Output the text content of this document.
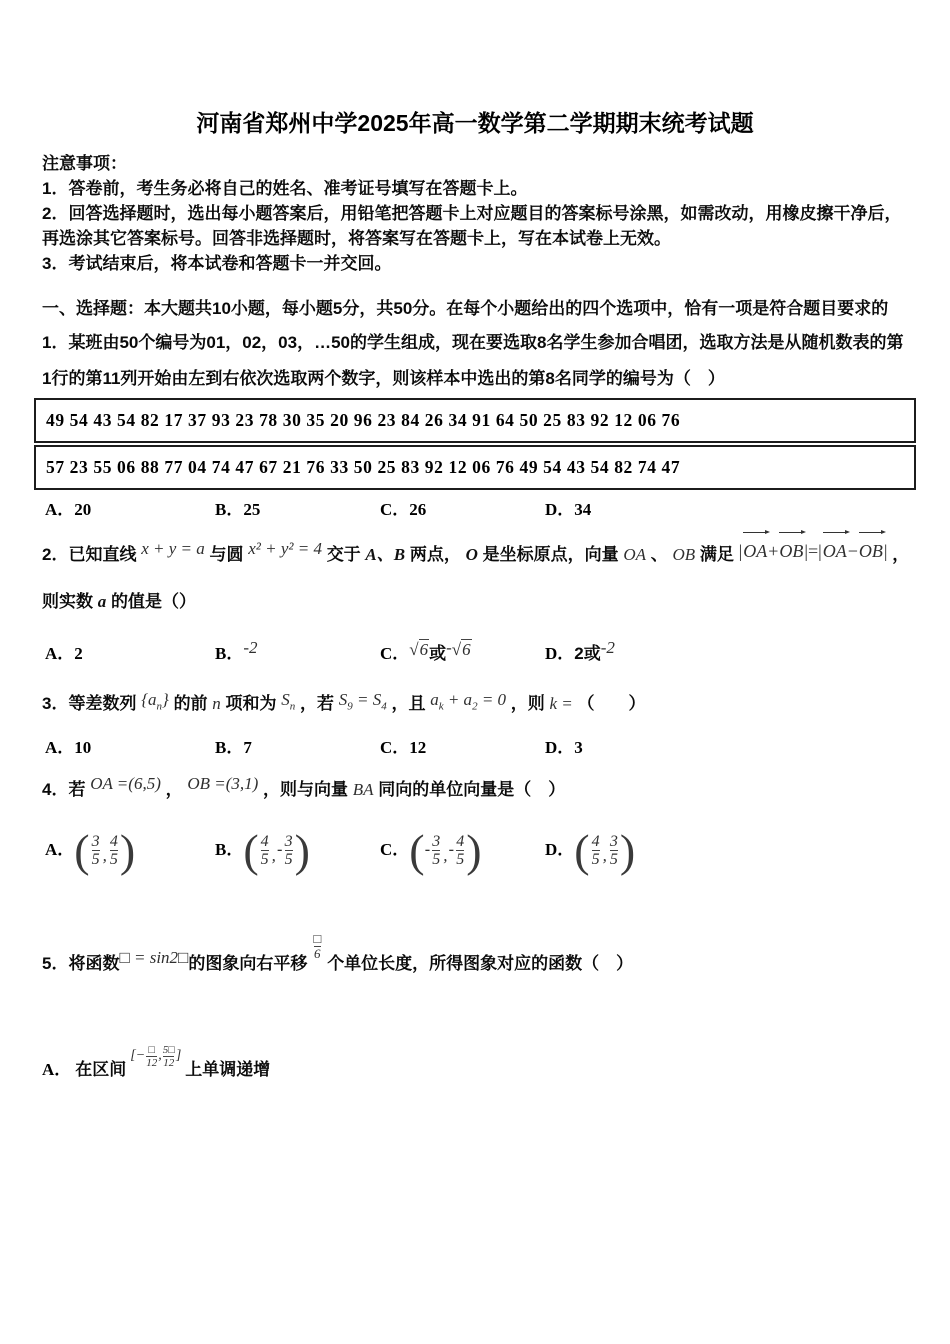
河南省郑州中学2025年高一数学第二学期期末统考试题
注意事项：
1．答卷前，考生务必将自己的姓名、准考证号填写在答题卡上。
2．回答选择题时，选出每小题答案后，用铅笔把答题卡上对应题目的答案标号涂黑，如需改动，用橡皮擦干净后，
再选涂其它答案标号。回答非选择题时，将答案写在答题卡上，写在本试卷上无效。
3．考试结束后，将本试卷和答题卡一并交回。
一、选择题：本大题共10小题，每小题5分，共50分。在每个小题给出的四个选项中，恰有一项是符合题目要求的
1．某班由50个编号为01，02，03，…50的学生组成，现在要选取8名学生参加合唱团，选取方法是从随机数表的第
1行的第11列开始由左到右依次选取两个数字，则该样本中选出的第8名同学的编号为（　）
49 54 43 54 82 17 37 93 23 78 30 35 20 96 23 84 26 34 91 64 50 25 83 92 12 06 76
57 23 55 06 88 77 04 74 47 67 21 76 33 50 25 83 92 12 06 76 49 54 43 54 82 74 47
A．20	B．25	C．26	D．34
2．已知直线 x + y = a 与圆 x² + y² = 4 交于 A、B 两点， O 是坐标原点，向量 OA 、 OB 满足 |OA+OB|=|OA−OB| ，
则实数 a 的值是（）
A．2	B．-2	C．√6或-√6	D．2或-2
3．等差数列 $\{a_n\}$ 的前 n 项和为 $S_n$ ，若 $S_9 = S_4$ ，且 $a_k + a_2 = 0$ ，则 k = （　　）
A．10	B．7	C．12	D．3
4．若 OA =(6,5) ， OB =(3,1) ，则与向量 BA 同向的单位向量是（　）
A． ( $\frac{3}{5}$ , $\frac{4}{5}$ )	B． ( $\frac{4}{5}$ , - $\frac{3}{5}$ )	C． ( - $\frac{3}{5}$ , - $\frac{4}{5}$ )	D． ( $\frac{4}{5}$ , $\frac{3}{5}$ )
5．将函数 □ = sin2□ 的图象向右平移
$\frac{□}{6}$
个单位长度，所得图象对应的函数（　）
A． 在区间
[− $\frac{□}{12}$ , $\frac{5□}{12}$ ]
上单调递增
